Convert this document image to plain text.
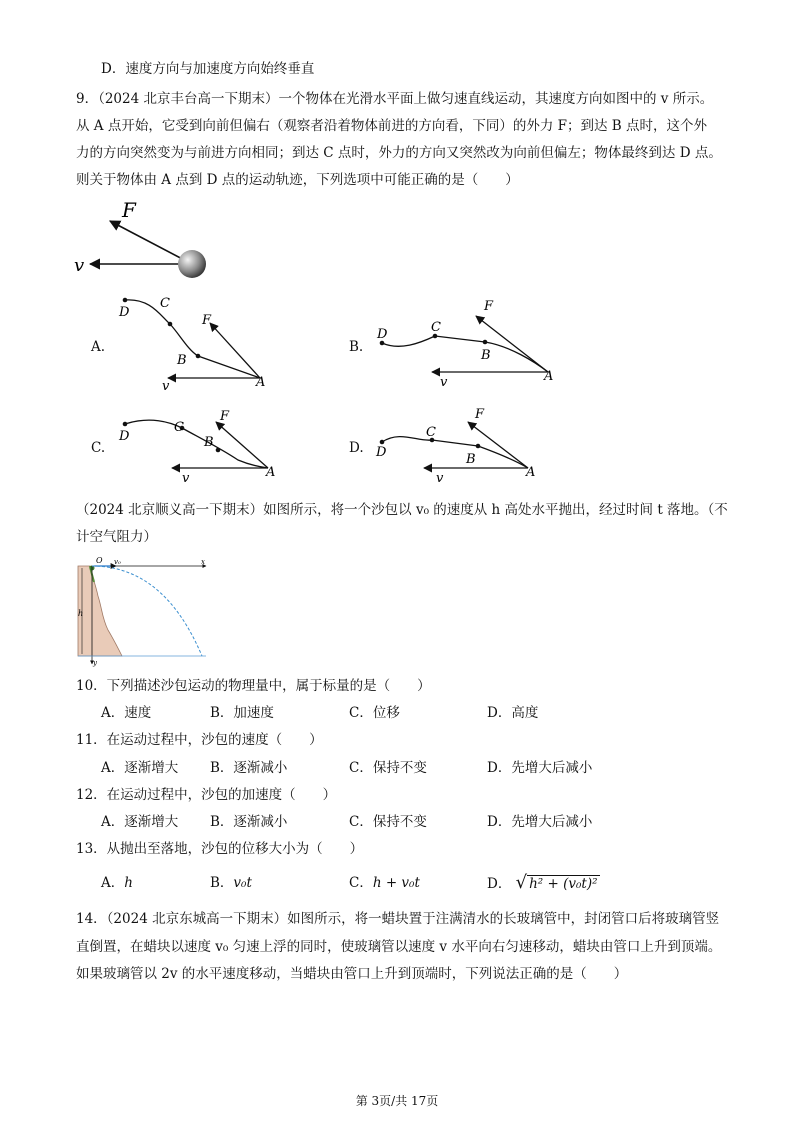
D．速度方向与加速度方向始终垂直
9．（2024 北京丰台高一下期末）一个物体在光滑水平面上做匀速直线运动，其速度方向如图中的 v 所示。
从 A 点开始，它受到向前但偏右（观察者沿着物体前进的方向看，下同）的外力 F；到达 B 点时，这个外
力的方向突然变为与前进方向相同；到达 C 点时，外力的方向又突然改为向前但偏左；物体最终到达 D 点。
则关于物体由 A 点到 D 点的运动轨迹，下列选项中可能正确的是（　　）
F
v
A.
D
C
F
B
v	A
B.
D	C
F
B
v	A
C.
D
C
F
B
v	A
D. D
C
F
B
v	A
（2024 北京顺义高一下期末）如图所示，将一个沙包以 v₀ 的速度从 h 高处水平抛出，经过时间 t 落地。（不
计空气阻力）
O v₀	x
h
y
10．下列描述沙包运动的物理量中，属于标量的是（　　）
A．速度	B．加速度	C．位移	D．高度
11．在运动过程中，沙包的速度（　　）
A．逐渐增大 B．逐渐减小	C．保持不变	D．先增大后减小
12．在运动过程中，沙包的加速度（　　）
A．逐渐增大 B．逐渐减小	C．保持不变	D．先增大后减小
13．从抛出至落地，沙包的位移大小为（　　）
A．h	B．v₀t	C．h + v₀t	D． √ h² + (v₀t)²
14．（2024 北京东城高一下期末）如图所示，将一蜡块置于注满清水的长玻璃管中，封闭管口后将玻璃管竖
直倒置，在蜡块以速度 v₀ 匀速上浮的同时，使玻璃管以速度 v 水平向右匀速移动，蜡块由管口上升到顶端。
如果玻璃管以 2v 的水平速度移动，当蜡块由管口上升到顶端时，下列说法正确的是（　　）
第 3页/共 17页
